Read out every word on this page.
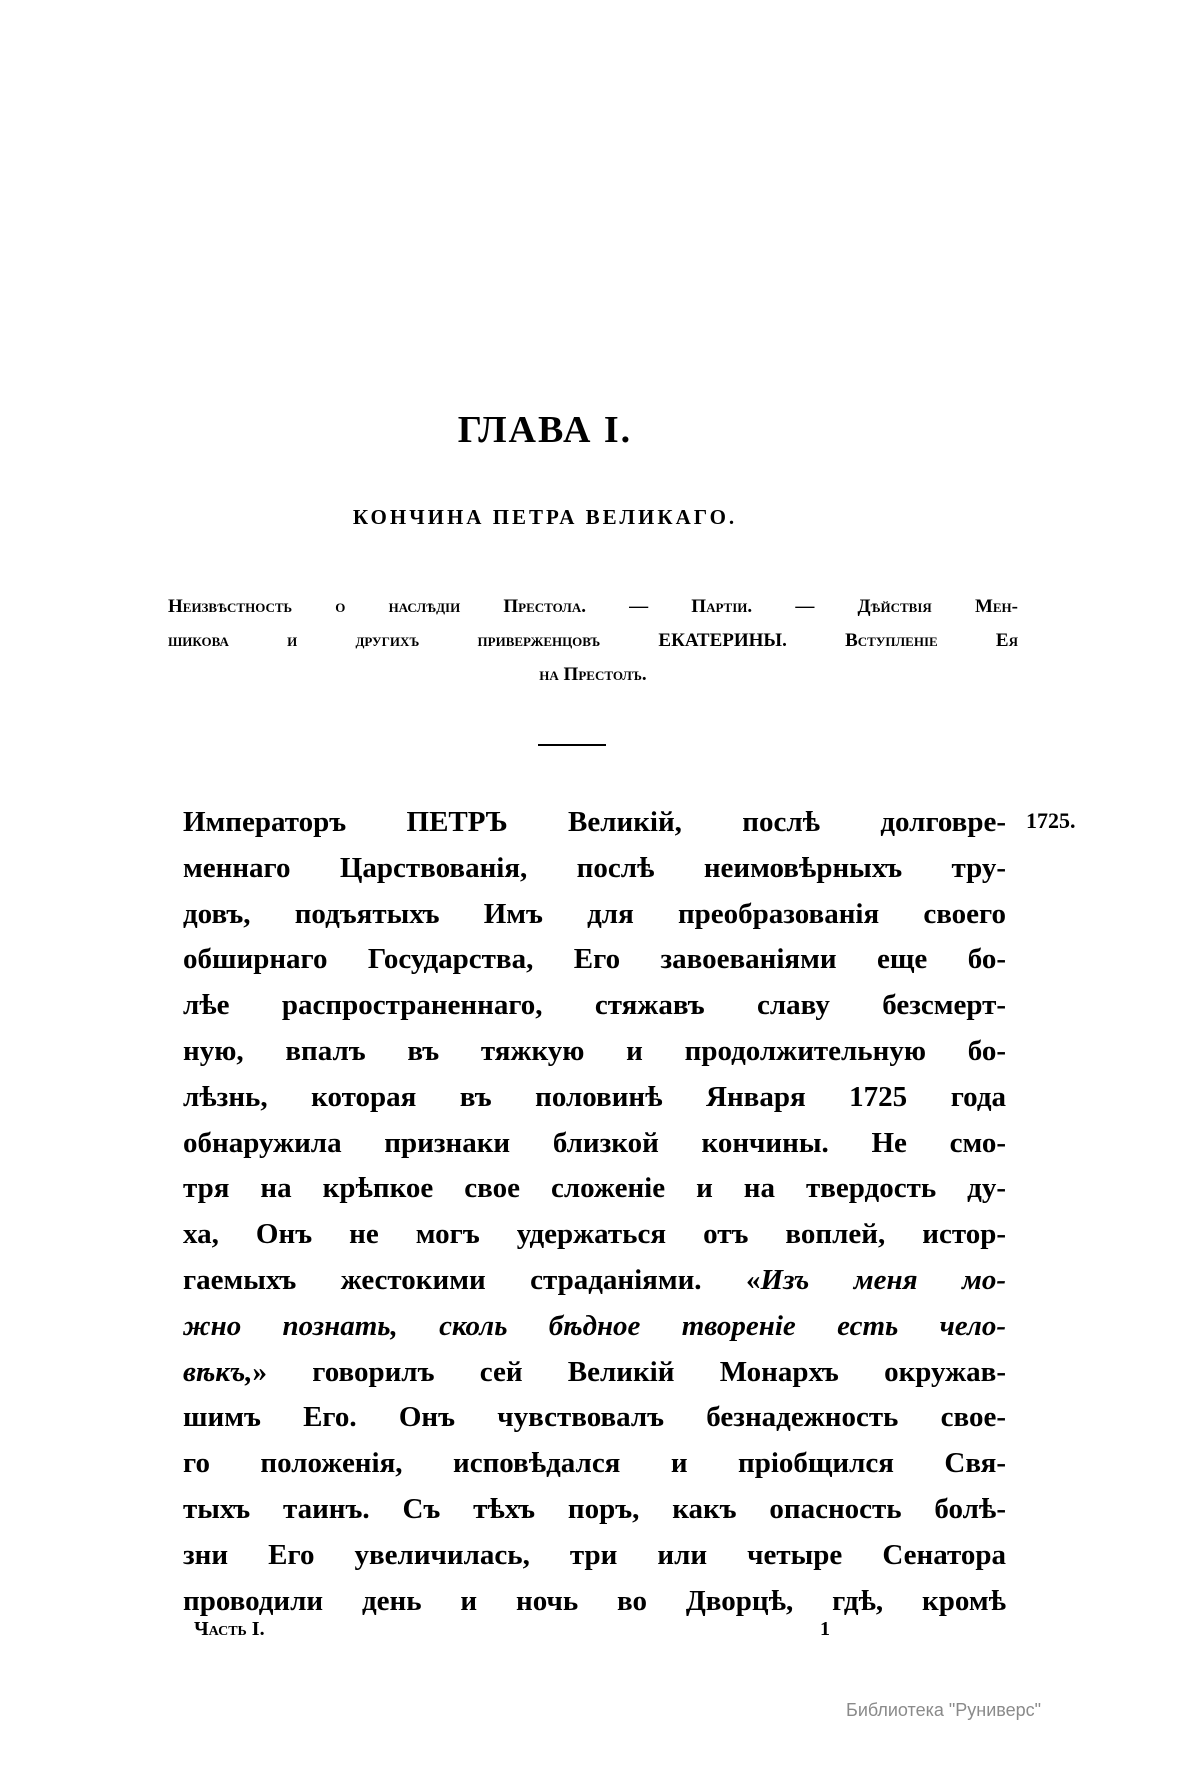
ГЛАВА I.
КОНЧИНА ПЕТРА ВЕЛИКАГО.
Неизвѣстность о наслѣдіи Престола. — Партіи. — Дѣйствія Мен-
шикова и другихъ приверженцовъ ЕКАТЕРИНЫ. Вступленіе Ея
на Престолъ.
Императоръ ПЕТРЪ Великій, послѣ долговре-
меннаго Царствованія, послѣ неимовѣрныхъ тру-
довъ, подъятыхъ Имъ для преобразованія своего
обширнаго Государства, Его завоеваніями еще бо-
лѣе распространеннаго, стяжавъ славу безсмерт-
ную, впалъ въ тяжкую и продолжительную бо-
лѣзнь, которая въ половинѣ Января 1725 года
обнаружила признаки близкой кончины. Не смо-
тря на крѣпкое свое сложеніе и на твердость ду-
ха, Онъ не могъ удержаться отъ воплей, истор-
гаемыхъ жестокими страданіями. «Изъ меня мо-
жно познать, сколь бѣдное твореніе есть чело-
вѣкъ,» говорилъ сей Великій Монархъ окружав-
шимъ Его. Онъ чувствовалъ безнадежность свое-
го положенія, исповѣдался и пріобщился Свя-
тыхъ таинъ. Съ тѣхъ поръ, какъ опасность болѣ-
зни Его увеличилась, три или четыре Сенатора
проводили день и ночь во Дворцѣ, гдѣ, кромѣ
1725.
Часть I.	1
Библиотека "Руниверс"
